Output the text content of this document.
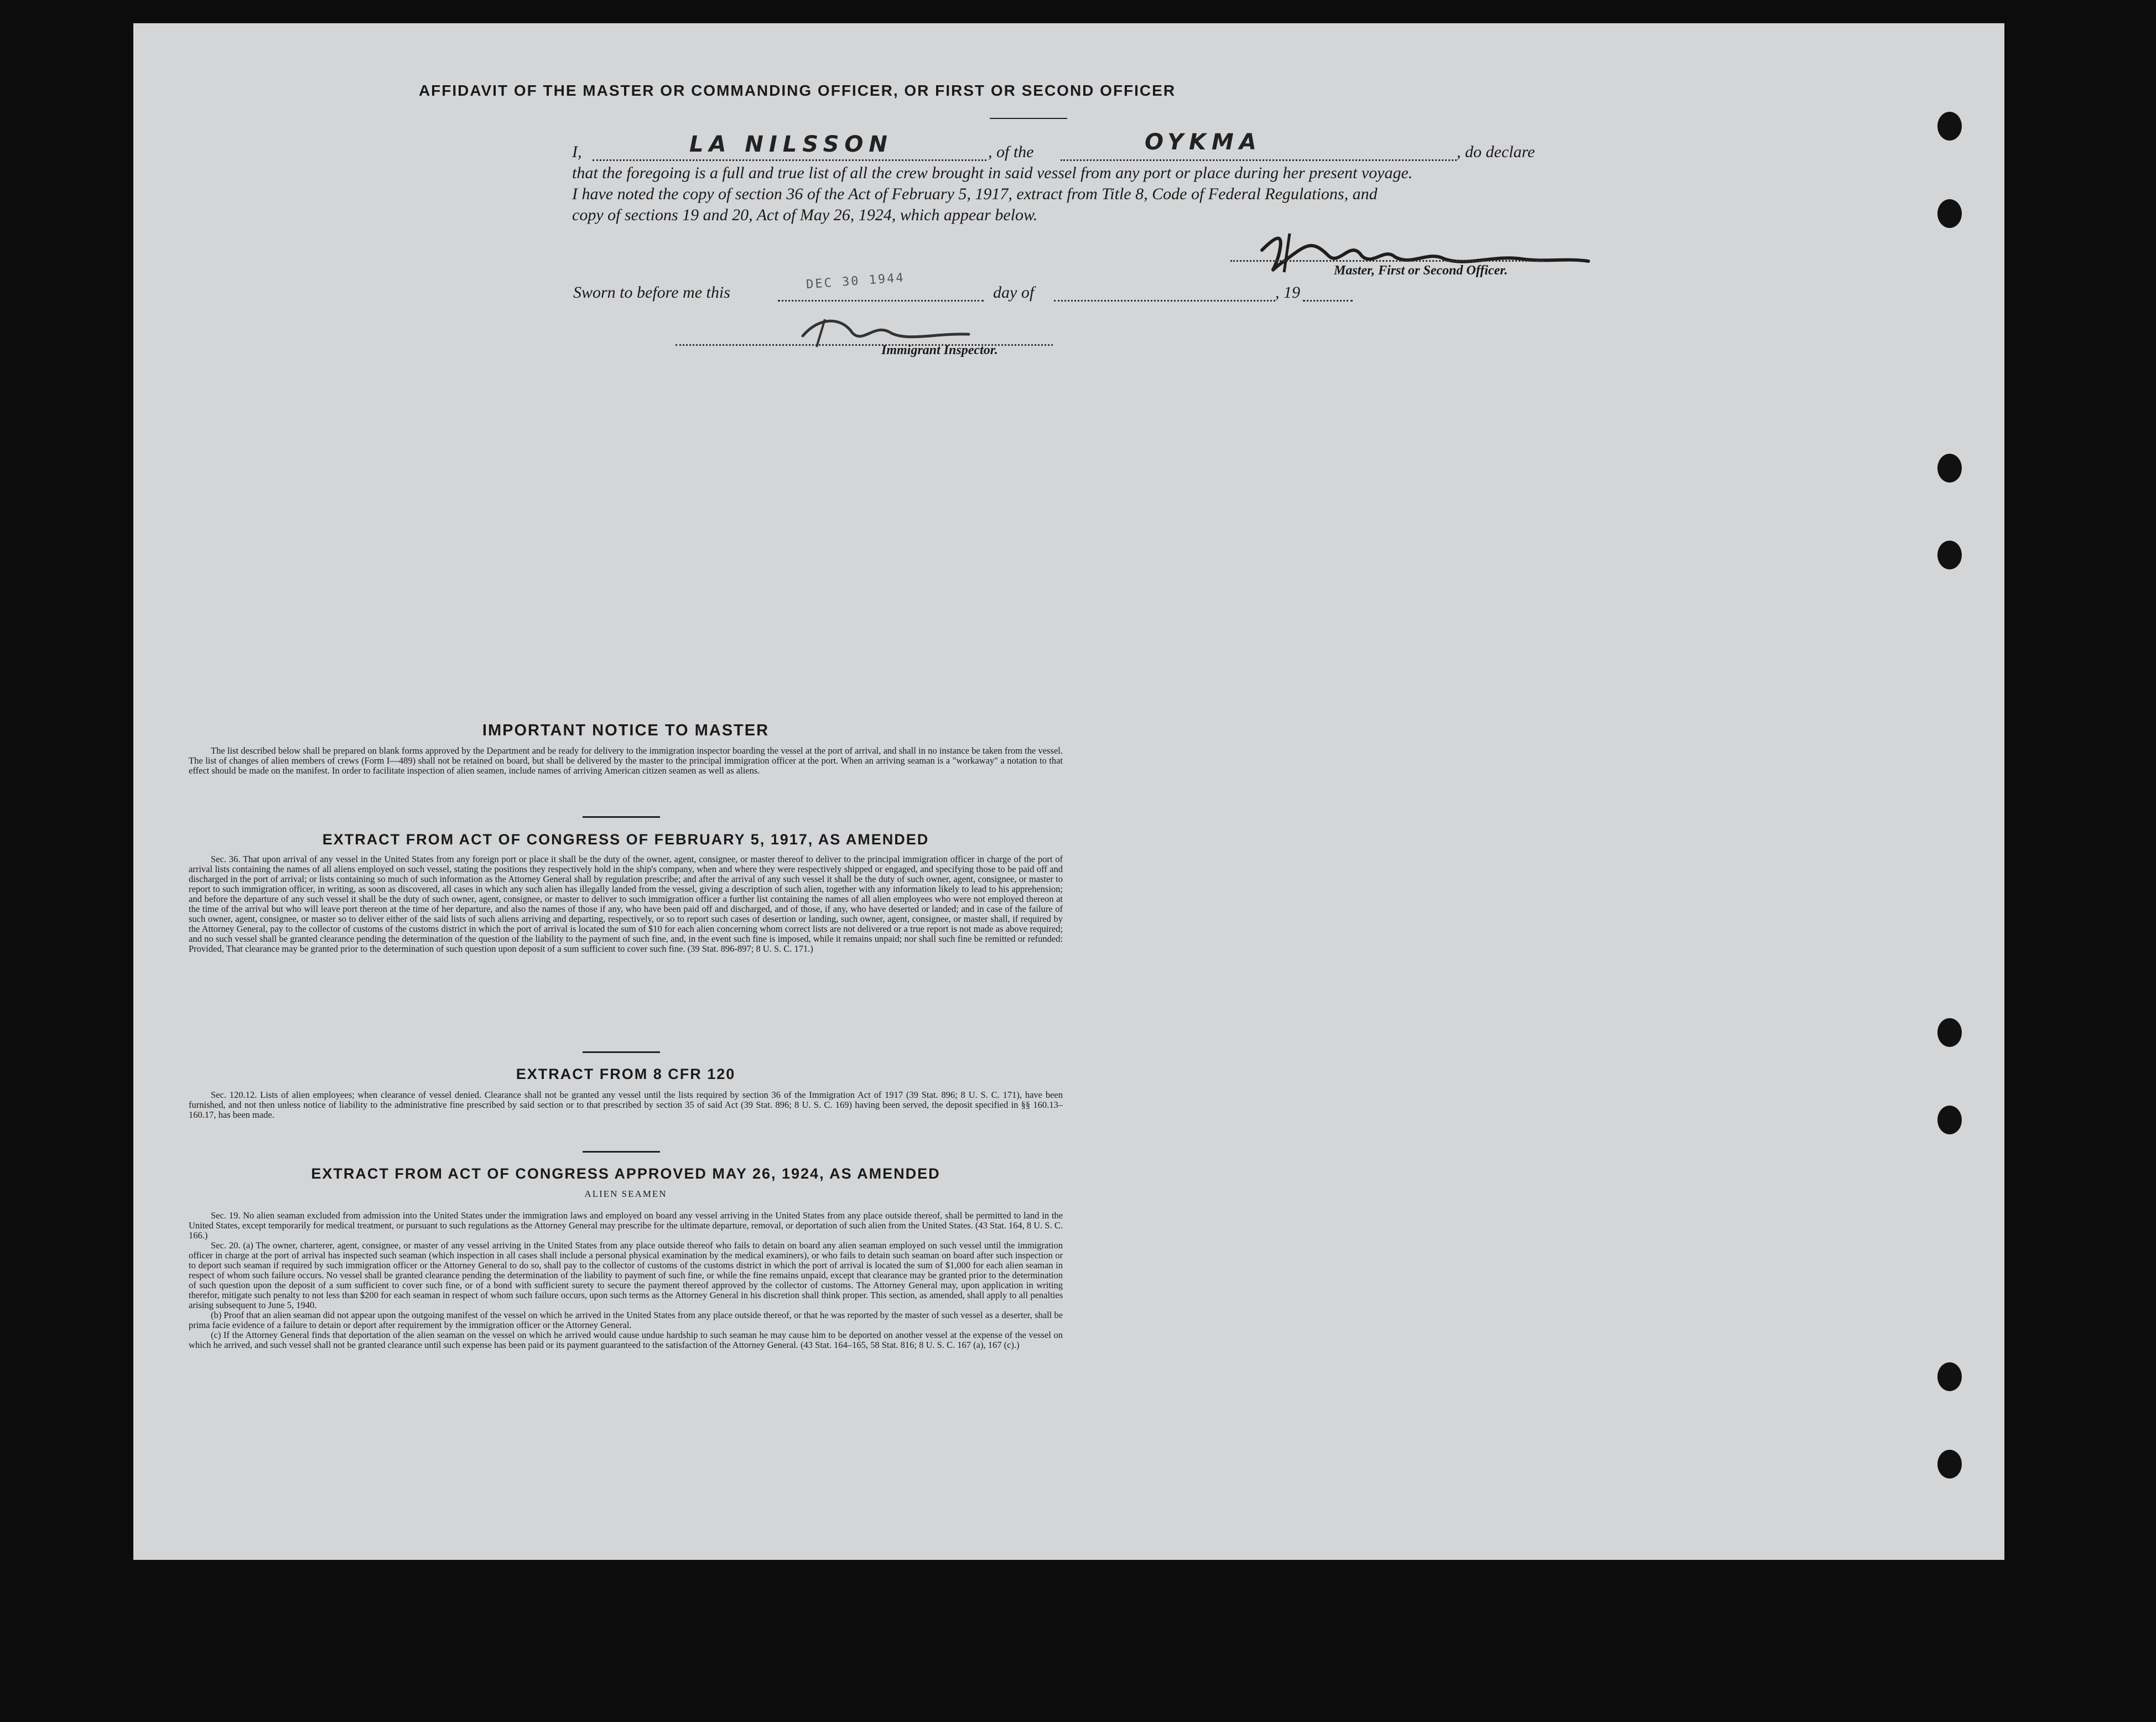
AFFIDAVIT OF THE MASTER OR COMMANDING OFFICER, OR FIRST OR SECOND OFFICER
I,	LA NILSSON	, of the	OYKMA	, do declare
that the foregoing is a full and true list of all the crew brought in said vessel from any port or place during her present voyage.
I have noted the copy of section 36 of the Act of February 5, 1917, extract from Title 8, Code of Federal Regulations, and
copy of sections 19 and 20, Act of May 26, 1924, which appear below.
Master, First or Second Officer.
Sworn to before me this
DEC 30 1944
day of	, 19
Immigrant Inspector.
IMPORTANT NOTICE TO MASTER

The list described below shall be prepared on blank forms approved by the Department and be ready for delivery to the immigration inspector boarding the vessel at the port of arrival, and shall in no instance be taken from the vessel. The list of changes of alien members of crews (Form I—489) shall not be retained on board, but shall be delivered by the master to the principal immigration officer at the port. When an arriving seaman is a "workaway" a notation to that effect should be made on the manifest. In order to facilitate inspection of alien seamen, include names of arriving American citizen seamen as well as aliens.

EXTRACT FROM ACT OF CONGRESS OF FEBRUARY 5, 1917, AS AMENDED

Sec. 36. That upon arrival of any vessel in the United States from any foreign port or place it shall be the duty of the owner, agent, consignee, or master thereof to deliver to the principal immigration officer in charge of the port of arrival lists containing the names of all aliens employed on such vessel, stating the positions they respectively hold in the ship's company, when and where they were respectively shipped or engaged, and specifying those to be paid off and discharged in the port of arrival; or lists containing so much of such information as the Attorney General shall by regulation prescribe; and after the arrival of any such vessel it shall be the duty of such owner, agent, consignee, or master to report to such immigration officer, in writing, as soon as discovered, all cases in which any such alien has illegally landed from the vessel, giving a description of such alien, together with any information likely to lead to his apprehension; and before the departure of any such vessel it shall be the duty of such owner, agent, consignee, or master to deliver to such immigration officer a further list containing the names of all alien employees who were not employed thereon at the time of the arrival but who will leave port thereon at the time of her departure, and also the names of those if any, who have been paid off and discharged, and of those, if any, who have deserted or landed; and in case of the failure of such owner, agent, consignee, or master so to deliver either of the said lists of such aliens arriving and departing, respectively, or so to report such cases of desertion or landing, such owner, agent, consignee, or master shall, if required by the Attorney General, pay to the collector of customs of the customs district in which the port of arrival is located the sum of $10 for each alien concerning whom correct lists are not delivered or a true report is not made as above required; and no such vessel shall be granted clearance pending the determination of the question of the liability to the payment of such fine, and, in the event such fine is imposed, while it remains unpaid; nor shall such fine be remitted or refunded: Provided, That clearance may be granted prior to the determination of such question upon deposit of a sum sufficient to cover such fine. (39 Stat. 896-897; 8 U. S. C. 171.)

EXTRACT FROM 8 CFR 120

Sec. 120.12. Lists of alien employees; when clearance of vessel denied. Clearance shall not be granted any vessel until the lists required by section 36 of the Immigration Act of 1917 (39 Stat. 896; 8 U. S. C. 171), have been furnished, and not then unless notice of liability to the administrative fine prescribed by said section or to that prescribed by section 35 of said Act (39 Stat. 896; 8 U. S. C. 169) having been served, the deposit specified in §§ 160.13–160.17, has been made.

EXTRACT FROM ACT OF CONGRESS APPROVED MAY 26, 1924, AS AMENDED
ALIEN SEAMEN

Sec. 19. No alien seaman excluded from admission into the United States under the immigration laws and employed on board any vessel arriving in the United States from any place outside thereof, shall be permitted to land in the United States, except temporarily for medical treatment, or pursuant to such regulations as the Attorney General may prescribe for the ultimate departure, removal, or deportation of such alien from the United States. (43 Stat. 164, 8 U. S. C. 166.)

Sec. 20. (a) The owner, charterer, agent, consignee, or master of any vessel arriving in the United States from any place outside thereof who fails to detain on board any alien seaman employed on such vessel until the immigration officer in charge at the port of arrival has inspected such seaman (which inspection in all cases shall include a personal physical examination by the medical examiners), or who fails to detain such seaman on board after such inspection or to deport such seaman if required by such immigration officer or the Attorney General to do so, shall pay to the collector of customs of the customs district in which the port of arrival is located the sum of $1,000 for each alien seaman in respect of whom such failure occurs. No vessel shall be granted clearance pending the determination of the liability to payment of such fine, or while the fine remains unpaid, except that clearance may be granted prior to the determination of such question upon the deposit of a sum sufficient to cover such fine, or of a bond with sufficient surety to secure the payment thereof approved by the collector of customs. The Attorney General may, upon application in writing therefor, mitigate such penalty to not less than $200 for each seaman in respect of whom such failure occurs, upon such terms as the Attorney General in his discretion shall think proper. This section, as amended, shall apply to all penalties arising subsequent to June 5, 1940.

(b) Proof that an alien seaman did not appear upon the outgoing manifest of the vessel on which he arrived in the United States from any place outside thereof, or that he was reported by the master of such vessel as a deserter, shall be prima facie evidence of a failure to detain or deport after requirement by the immigration officer or the Attorney General.

(c) If the Attorney General finds that deportation of the alien seaman on the vessel on which he arrived would cause undue hardship to such seaman he may cause him to be deported on another vessel at the expense of the vessel on which he arrived, and such vessel shall not be granted clearance until such expense has been paid or its payment guaranteed to the satisfaction of the Attorney General. (43 Stat. 164–165, 58 Stat. 816; 8 U. S. C. 167 (a), 167 (c).)
